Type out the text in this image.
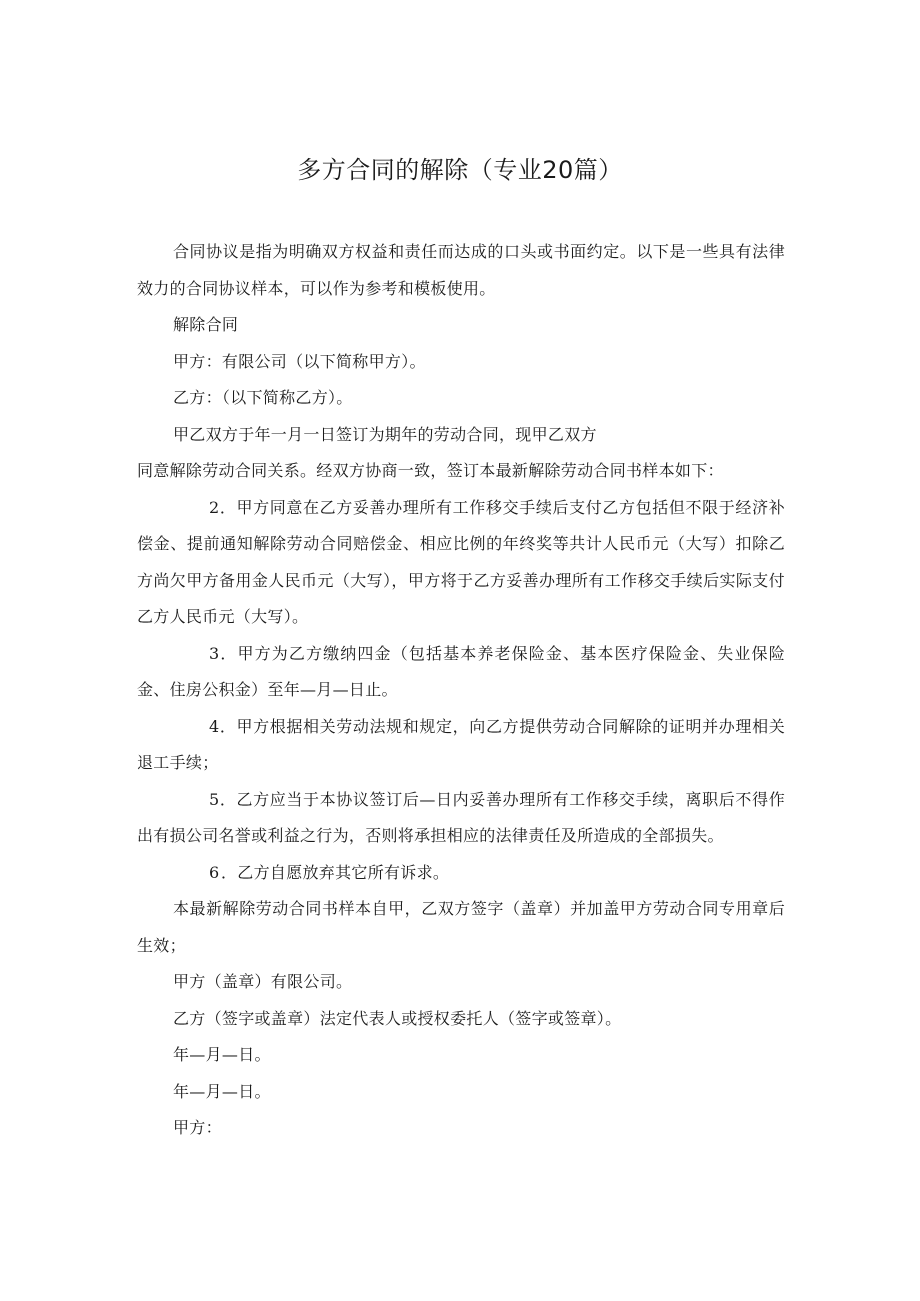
多方合同的解除（专业20篇）

合同协议是指为明确双方权益和责任而达成的口头或书面约定。以下是一些具有法律效力的合同协议样本，可以作为参考和模板使用。

解除合同

甲方：有限公司（以下简称甲方）。

乙方：（以下简称乙方）。

甲乙双方于年一月一日签订为期年的劳动合同，现甲乙双方

同意解除劳动合同关系。经双方协商一致，签订本最新解除劳动合同书样本如下：

2．甲方同意在乙方妥善办理所有工作移交手续后支付乙方包括但不限于经济补偿金、提前通知解除劳动合同赔偿金、相应比例的年终奖等共计人民币元（大写）扣除乙方尚欠甲方备用金人民币元（大写），甲方将于乙方妥善办理所有工作移交手续后实际支付乙方人民币元（大写）。

3．甲方为乙方缴纳四金（包括基本养老保险金、基本医疗保险金、失业保险金、住房公积金）至年—月—日止。

4．甲方根据相关劳动法规和规定，向乙方提供劳动合同解除的证明并办理相关退工手续；

5．乙方应当于本协议签订后—日内妥善办理所有工作移交手续，离职后不得作出有损公司名誉或利益之行为，否则将承担相应的法律责任及所造成的全部损失。

6．乙方自愿放弃其它所有诉求。

本最新解除劳动合同书样本自甲，乙双方签字（盖章）并加盖甲方劳动合同专用章后生效；

甲方（盖章）有限公司。

乙方（签字或盖章）法定代表人或授权委托人（签字或签章）。

年—月—日。

年—月—日。

甲方：
